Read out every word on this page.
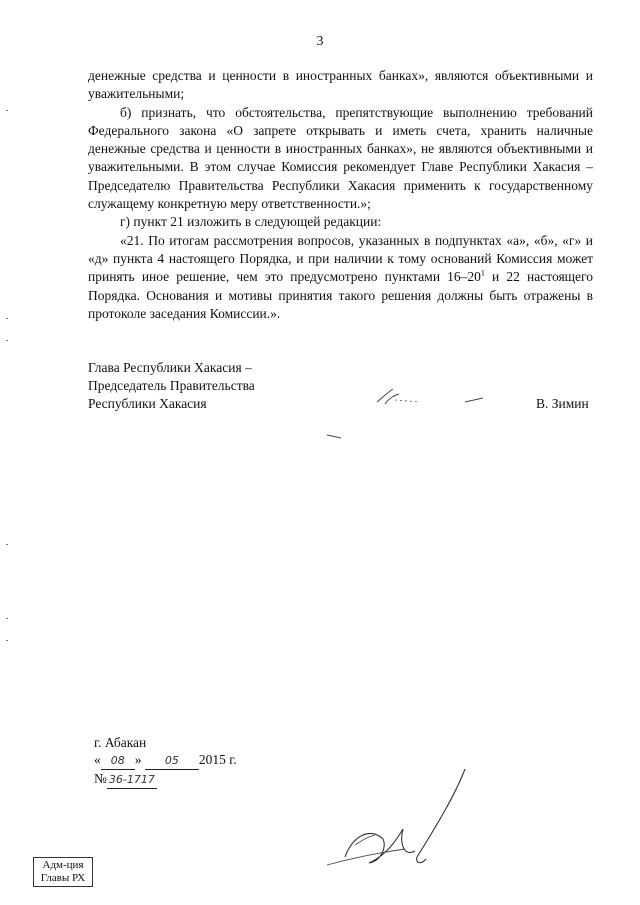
3

денежные средства и ценности в иностранных банках», являются объективными и уважительными;

б) признать, что обстоятельства, препятствующие выполнению требований Федерального закона «О запрете открывать и иметь счета, хранить наличные денежные средства и ценности в иностранных банках», не являются объективными и уважительными. В этом случае Комиссия рекомендует Главе Республики Хакасия – Председателю Правительства Республики Хакасия применить к государственному служащему конкретную меру ответственности.»;

г) пункт 21 изложить в следующей редакции:

«21. По итогам рассмотрения вопросов, указанных в подпунктах «а», «б», «г» и «д» пункта 4 настоящего Порядка, и при наличии к тому оснований Комиссия может принять иное решение, чем это предусмотрено пунктами $16-20^1$ и 22 настоящего Порядка. Основания и мотивы принятия такого решения должны быть отражены в протоколе заседания Комиссии.».

Глава Республики Хакасия –
Председатель Правительства
Республики Хакасия	В. Зимин
г. Абакан
« 08 » 05 2015 г.
№ 36-1717
Адм-ция
Главы РХ
